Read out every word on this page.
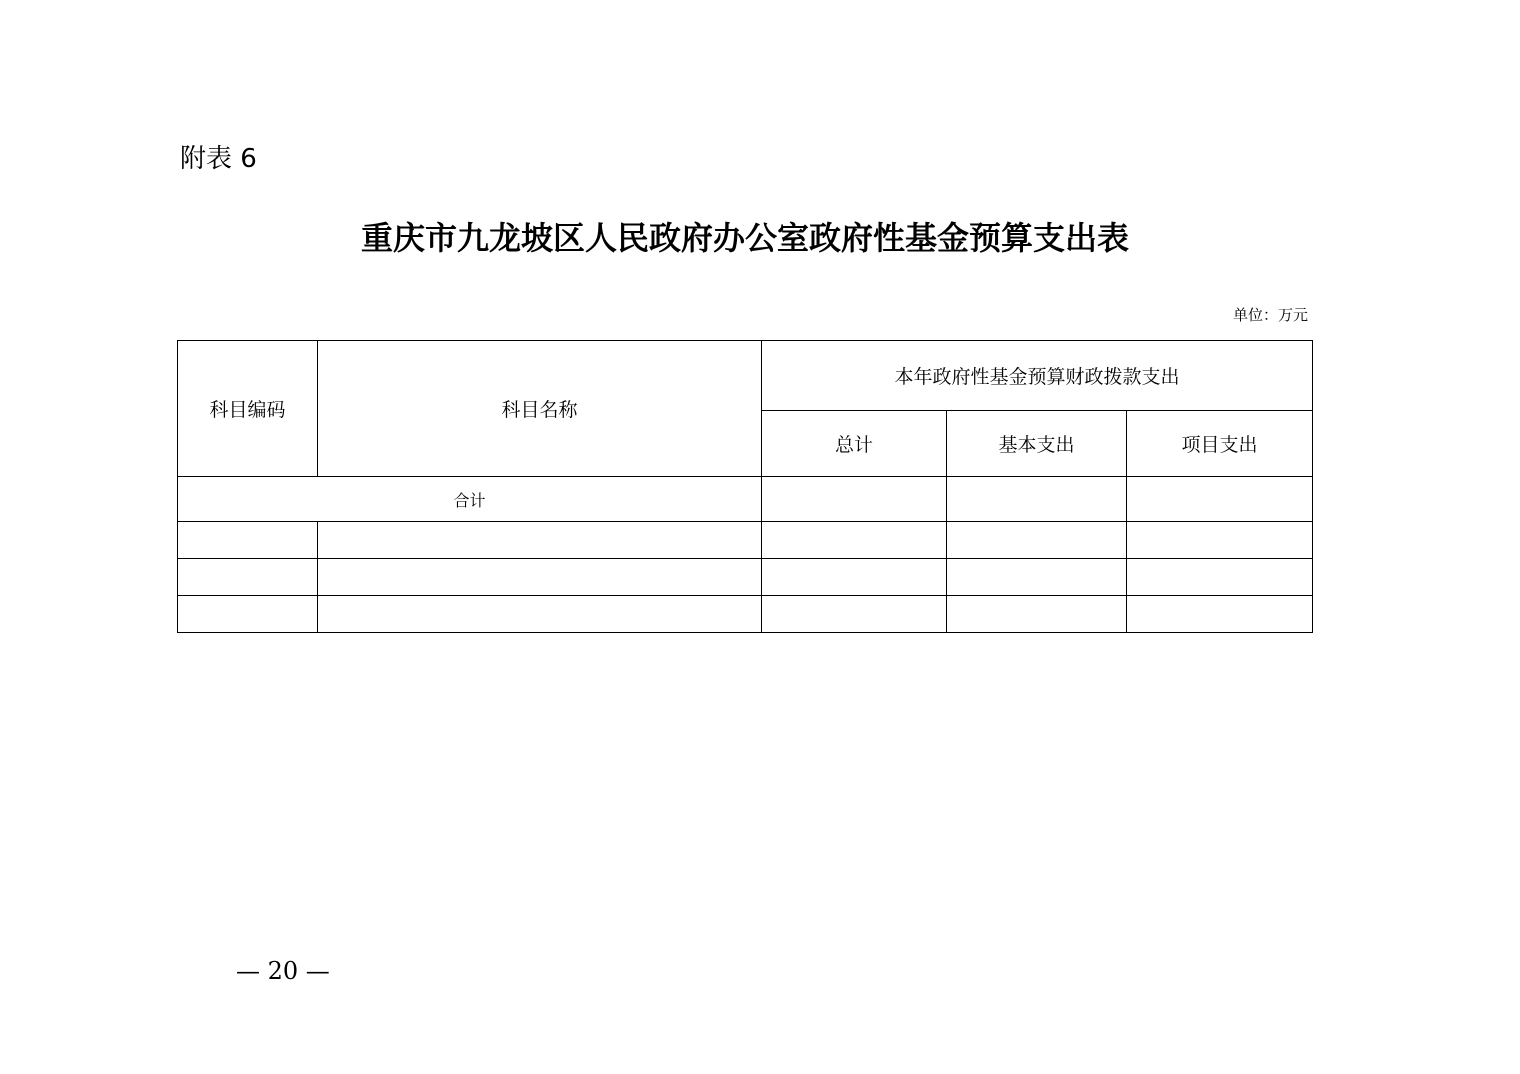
附表 6
重庆市九龙坡区人民政府办公室政府性基金预算支出表
单位：万元
科目编码	科目名称	本年政府性基金预算财政拨款支出		
		总计	基本支出	项目支出
合计				

— 20 —
